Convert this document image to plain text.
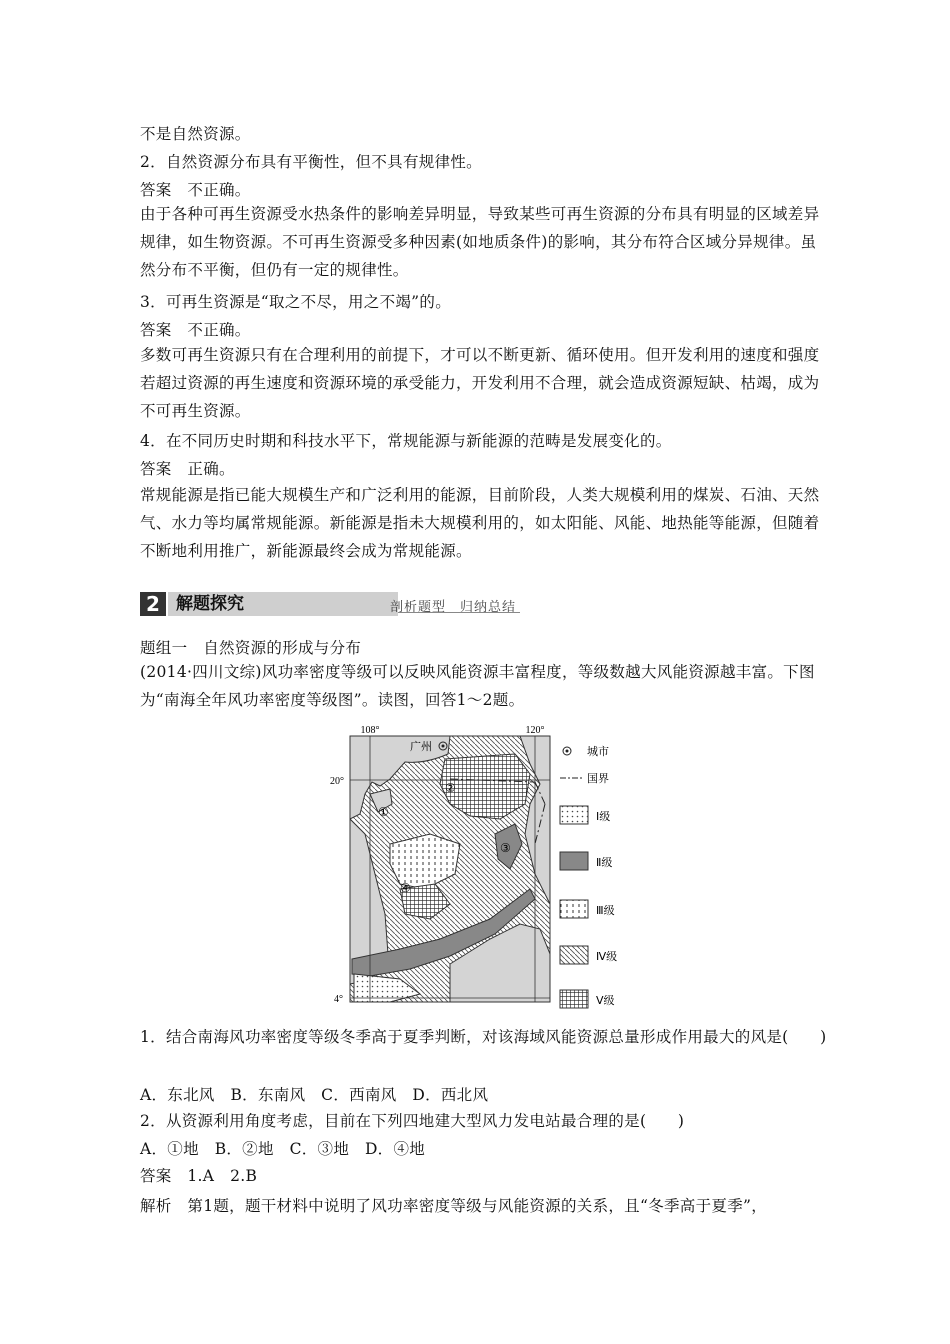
不是自然资源。
2．自然资源分布具有平衡性，但不具有规律性。
答案　不正确。
由于各种可再生资源受水热条件的影响差异明显，导致某些可再生资源的分布具有明显的区域差异规律，如生物资源。不可再生资源受多种因素(如地质条件)的影响，其分布符合区域分异规律。虽然分布不平衡，但仍有一定的规律性。
3．可再生资源是“取之不尽，用之不竭”的。
答案　不正确。
多数可再生资源只有在合理利用的前提下，才可以不断更新、循环使用。但开发利用的速度和强度若超过资源的再生速度和资源环境的承受能力，开发利用不合理，就会造成资源短缺、枯竭，成为不可再生资源。
4．在不同历史时期和科技水平下，常规能源与新能源的范畴是发展变化的。
答案　正确。
常规能源是指已能大规模生产和广泛利用的能源，目前阶段，人类大规模利用的煤炭、石油、天然气、水力等均属常规能源。新能源是指未大规模利用的，如太阳能、风能、地热能等能源，但随着不断地利用推广，新能源最终会成为常规能源。
2 解题探究	剖析题型　归纳总结
题组一　自然资源的形成与分布
(2014·四川文综)风功率密度等级可以反映风能资源丰富程度，等级数越大风能资源越丰富。下图为“南海全年风功率密度等级图”。读图，回答1～2题。
108°	120°
20°
4°
广州
①
②
③
④
城市
国界
Ⅰ级
Ⅱ级
Ⅲ级
Ⅳ级
Ⅴ级
1．结合南海风功率密度等级冬季高于夏季判断，对该海域风能资源总量形成作用最大的风是(　　)
A．东北风　B．东南风　C．西南风　D．西北风
2．从资源利用角度考虑，目前在下列四地建大型风力发电站最合理的是(　　)
A．①地　B．②地　C．③地　D．④地
答案　1.A　2.B
解析　第1题，题干材料中说明了风功率密度等级与风能资源的关系，且“冬季高于夏季”，
